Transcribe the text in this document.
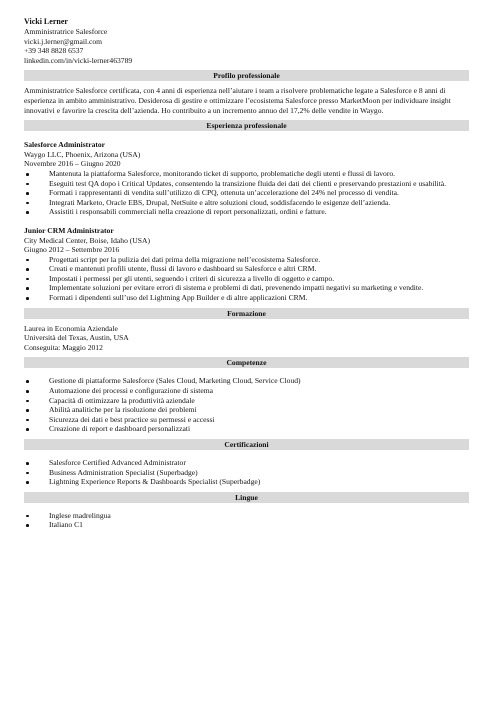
Vicki Lerner
Amministratrice Salesforce
vicki.j.lerner@gmail.com
+39 348 8828 6537
linkedin.com/in/vicki-lerner463789
Profilo professionale
Amministratrice Salesforce certificata, con 4 anni di esperienza nell’aiutare i team a risolvere problematiche legate a Salesforce e 8 anni di esperienza in ambito amministrativo. Desiderosa di gestire e ottimizzare l’ecosistema Salesforce presso MarketMoon per individuare insight innovativi e favorire la crescita dell’azienda. Ho contribuito a un incremento annuo del 17,2% delle vendite in Waygo.
Esperienza professionale
Salesforce Administrator
Waygo LLC, Phoenix, Arizona (USA)
Novembre 2016 – Giugno 2020
Mantenuta la piattaforma Salesforce, monitorando ticket di supporto, problematiche degli utenti e flussi di lavoro.
Eseguiti test QA dopo i Critical Updates, consentendo la transizione fluida dei dati dei clienti e preservando prestazioni e usabilità.
Formati i rappresentanti di vendita sull’utilizzo di CPQ, ottenuta un’accelerazione del 24% nel processo di vendita.
Integrati Marketo, Oracle EBS, Drupal, NetSuite e altre soluzioni cloud, soddisfacendo le esigenze dell’azienda.
Assistiti i responsabili commerciali nella creazione di report personalizzati, ordini e fatture.
Junior CRM Administrator
City Medical Center, Boise, Idaho (USA)
Giugno 2012 – Settembre 2016
Progettati script per la pulizia dei dati prima della migrazione nell’ecosistema Salesforce.
Creati e mantenuti profili utente, flussi di lavoro e dashboard su Salesforce e altri CRM.
Impostati i permessi per gli utenti, seguendo i criteri di sicurezza a livello di oggetto e campo.
Implementate soluzioni per evitare errori di sistema e problemi di dati, prevenendo impatti negativi su marketing e vendite.
Formati i dipendenti sull’uso del Lightning App Builder e di altre applicazioni CRM.
Formazione
Laurea in Economia Aziendale
Università del Texas, Austin, USA
Conseguita: Maggio 2012
Competenze
Gestione di piattaforme Salesforce (Sales Cloud, Marketing Cloud, Service Cloud)
Automazione dei processi e configurazione di sistema
Capacità di ottimizzare la produttività aziendale
Abilità analitiche per la risoluzione dei problemi
Sicurezza dei dati e best practice su permessi e accessi
Creazione di report e dashboard personalizzati
Certificazioni
Salesforce Certified Advanced Administrator
Business Administration Specialist (Superbadge)
Lightning Experience Reports & Dashboards Specialist (Superbadge)
Lingue
Inglese madrelingua
Italiano C1
